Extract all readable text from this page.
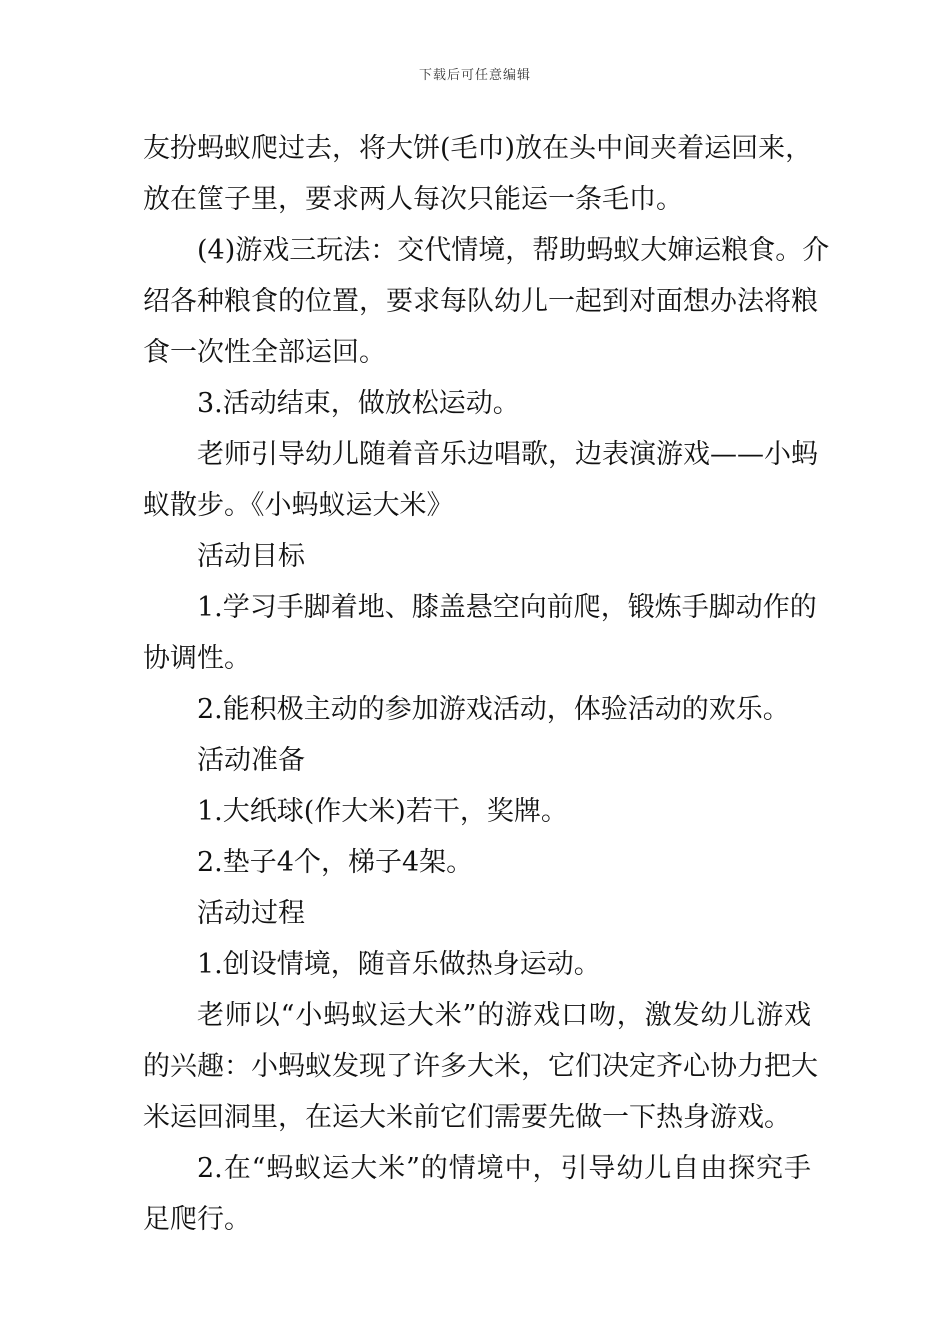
下载后可任意编辑
友扮蚂蚁爬过去，将大饼(毛巾)放在头中间夹着运回来，
放在筐子里，要求两人每次只能运一条毛巾。
(4)游戏三玩法：交代情境，帮助蚂蚁大婶运粮食。介
绍各种粮食的位置，要求每队幼儿一起到对面想办法将粮
食一次性全部运回。
3.活动结束，做放松运动。
老师引导幼儿随着音乐边唱歌，边表演游戏——小蚂
蚁散步。《小蚂蚁运大米》
活动目标
1.学习手脚着地、膝盖悬空向前爬，锻炼手脚动作的
协调性。
2.能积极主动的参加游戏活动，体验活动的欢乐。
活动准备
1.大纸球(作大米)若干，奖牌。
2.垫子4个，梯子4架。
活动过程
1.创设情境，随音乐做热身运动。
老师以“小蚂蚁运大米”的游戏口吻，激发幼儿游戏
的兴趣：小蚂蚁发现了许多大米，它们决定齐心协力把大
米运回洞里，在运大米前它们需要先做一下热身游戏。
2.在“蚂蚁运大米”的情境中，引导幼儿自由探究手
足爬行。
